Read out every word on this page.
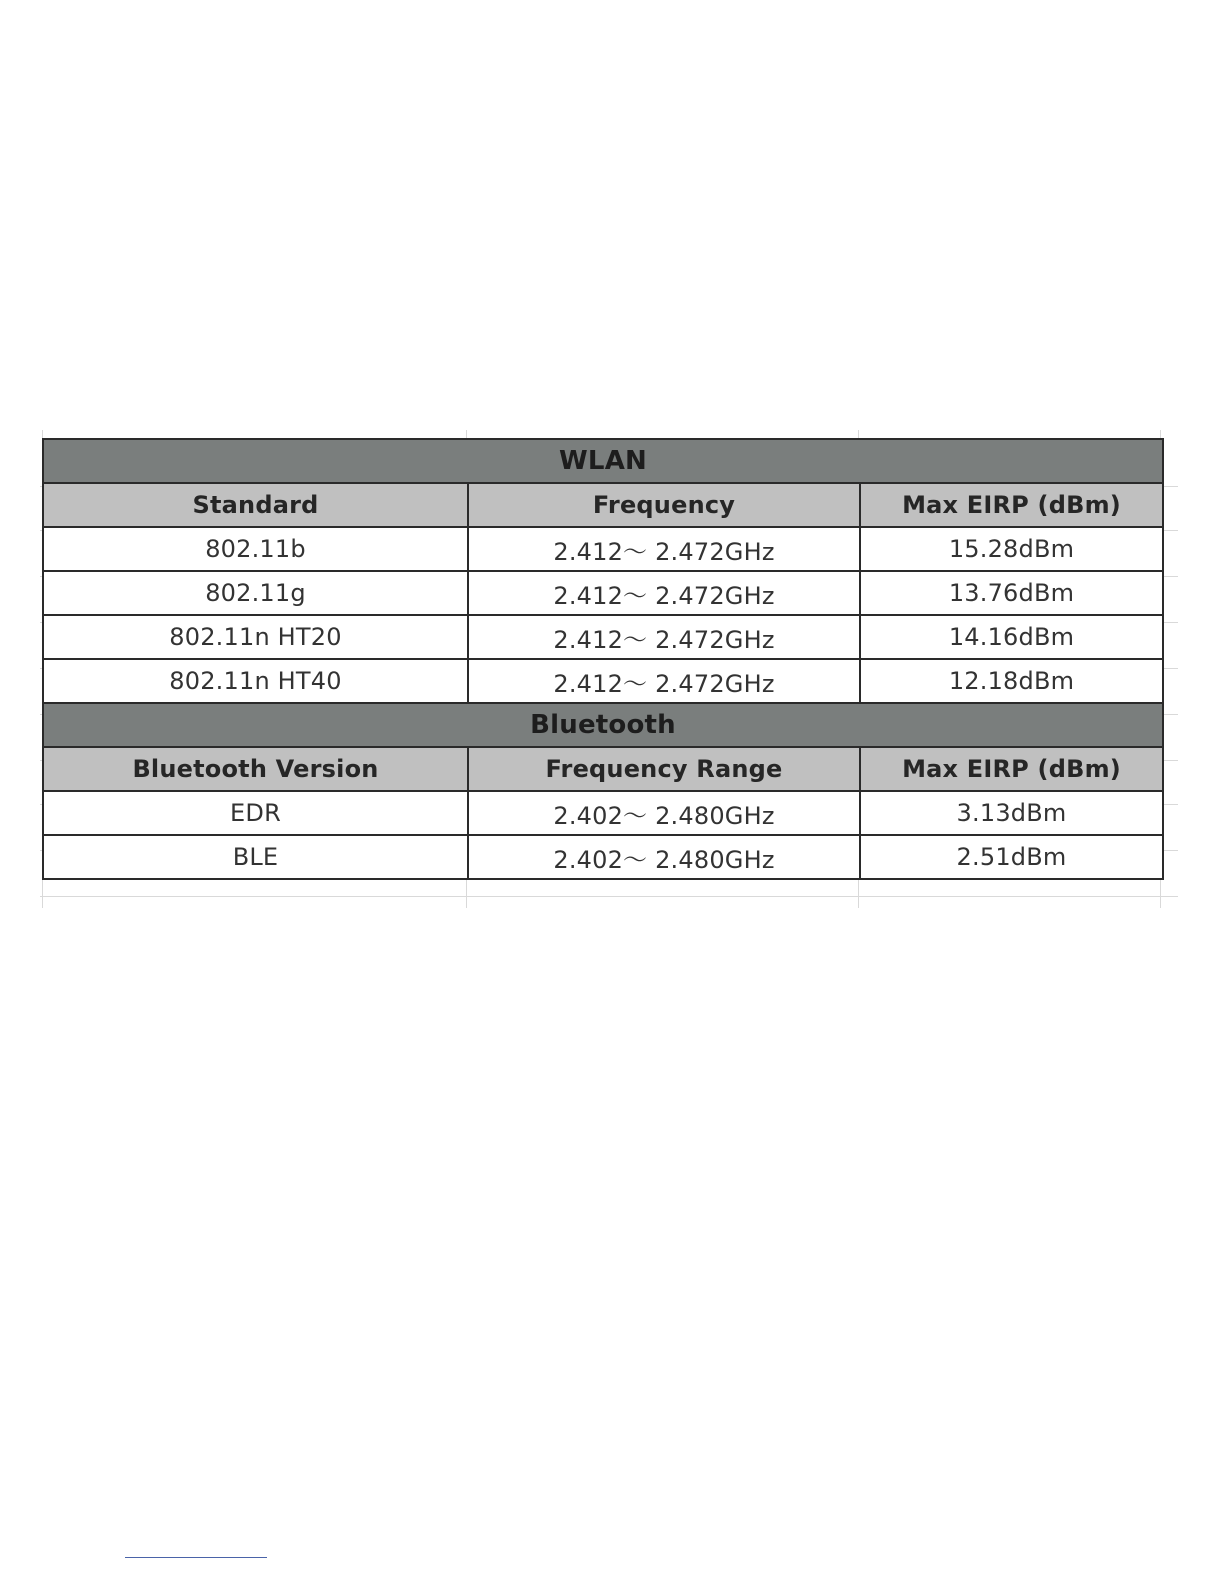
WLAN		
Standard	Frequency	Max EIRP (dBm)
802.11b	2.412～ 2.472GHz	15.28dBm
802.11g	2.412～ 2.472GHz	13.76dBm
802.11n HT20	2.412～ 2.472GHz	14.16dBm
802.11n HT40	2.412～ 2.472GHz	12.18dBm
Bluetooth		
Bluetooth Version	Frequency Range	Max EIRP (dBm)
EDR	2.402～ 2.480GHz	3.13dBm
BLE	2.402～ 2.480GHz	2.51dBm
